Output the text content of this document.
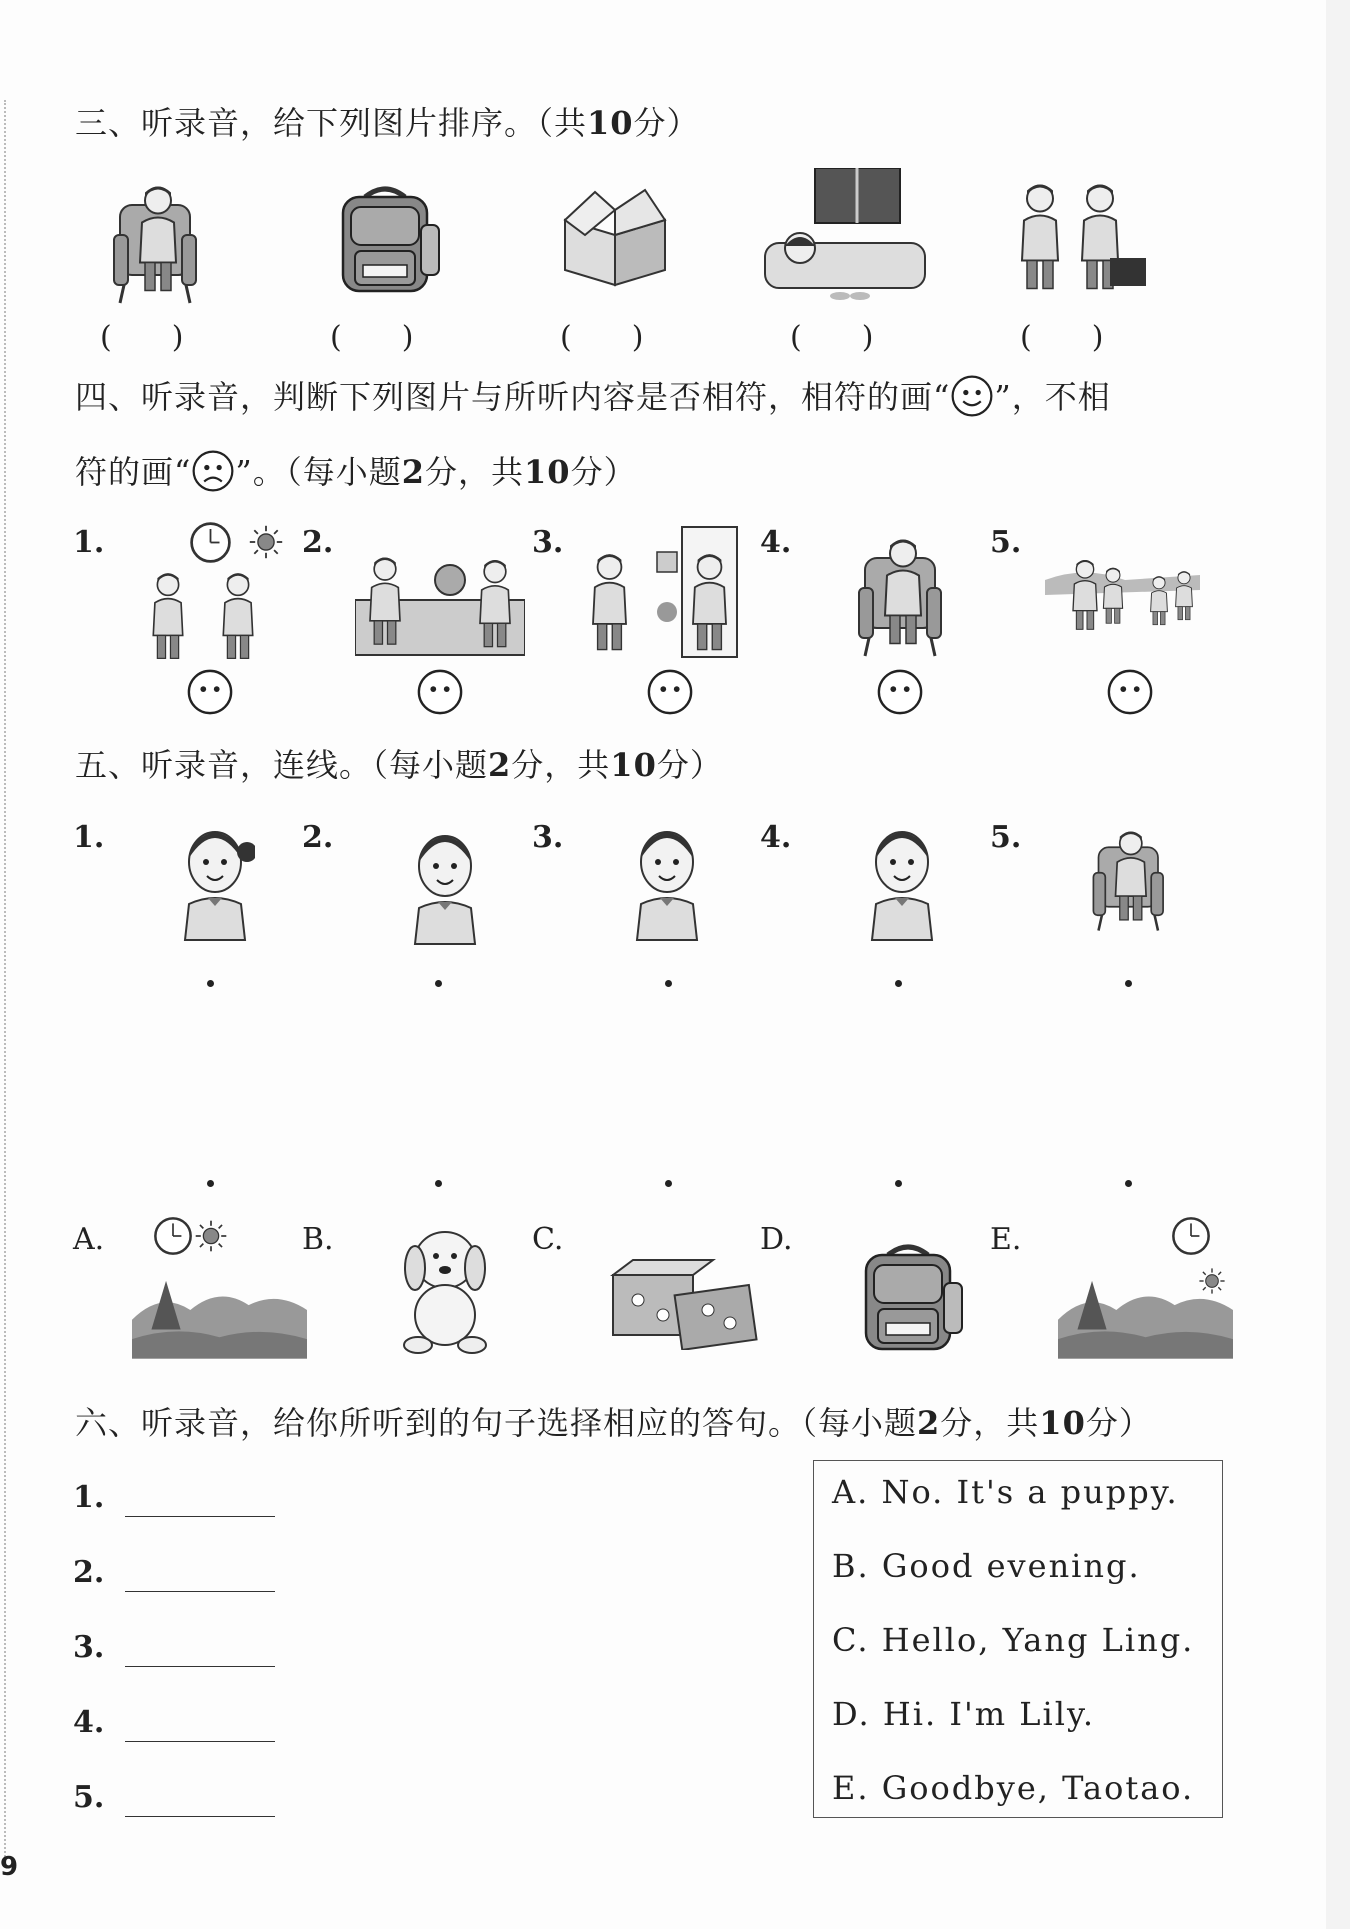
三、听录音，给下列图片排序。（共10分）
(　　)	(　　)	(　　)	(　　)	(　　)
四、听录音，判断下列图片与所听内容是否相符，相符的画“ ”，不相
符的画“ ”。（每小题2分，共10分）
1.	2.	3.	4.	5.
五、听录音，连线。（每小题2分，共10分）
1.	2.	3.	4.	5.
A.	B.	C.	D.	E.
六、听录音，给你所听到的句子选择相应的答句。（每小题2分，共10分）
1.
2.
3.
4.
5.
A. No. It's a puppy.
B. Good evening.
C. Hello, Yang Ling.
D. Hi. I'm Lily.
E. Goodbye, Taotao.
9
